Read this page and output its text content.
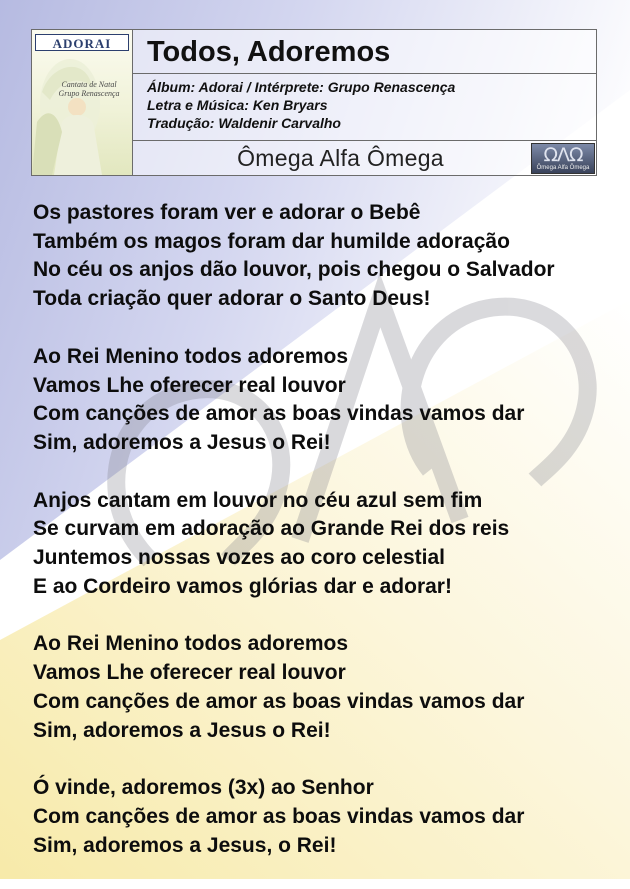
ADORAI
Cantata de Natal
Grupo Renascença
Todos, Adoremos
Álbum: Adorai / Intérprete: Grupo Renascença
Letra e Música: Ken Bryars
Tradução: Waldenir Carvalho
Ômega Alfa Ômega	ΩΛΩ
Ômega Alfa Ômega
Os pastores foram ver e adorar o Bebê
Também os magos foram dar humilde adoração
No céu os anjos dão louvor, pois chegou o Salvador
Toda criação quer adorar o Santo Deus!
Ao Rei Menino todos adoremos
Vamos Lhe oferecer real louvor
Com canções de amor as boas vindas vamos dar
Sim, adoremos a Jesus o Rei!
Anjos cantam em louvor no céu azul sem fim
Se curvam em adoração ao Grande Rei dos reis
Juntemos nossas vozes ao coro celestial
E ao Cordeiro vamos glórias dar e adorar!
Ao Rei Menino todos adoremos
Vamos Lhe oferecer real louvor
Com canções de amor as boas vindas vamos dar
Sim, adoremos a Jesus o Rei!
Ó vinde, adoremos (3x) ao Senhor
Com canções de amor as boas vindas vamos dar
Sim, adoremos a Jesus, o Rei!
